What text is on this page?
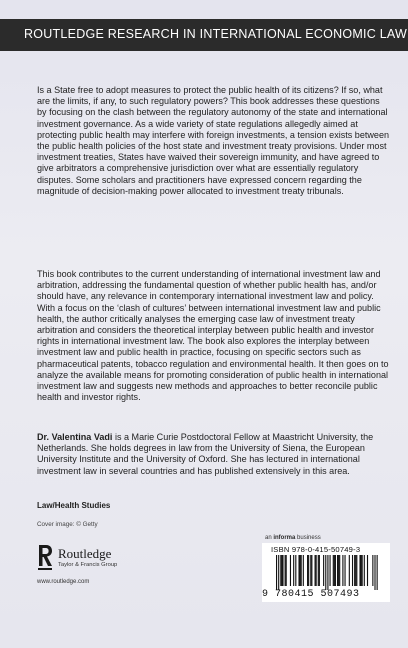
ROUTLEDGE RESEARCH IN INTERNATIONAL ECONOMIC LAW

Is a State free to adopt measures to protect the public health of its citizens? If so, what are the limits, if any, to such regulatory powers? This book addresses these questions by focusing on the clash between the regulatory autonomy of the state and international investment governance. As a wide variety of state regulations allegedly aimed at protecting public health may interfere with foreign investments, a tension exists between the public health policies of the host state and investment treaty provisions. Under most investment treaties, States have waived their sovereign immunity, and have agreed to give arbitrators a comprehensive jurisdiction over what are essentially regulatory disputes. Some scholars and practitioners have expressed concern regarding the magnitude of decision-making power allocated to investment treaty tribunals.

This book contributes to the current understanding of international investment law and arbitration, addressing the fundamental question of whether public health has, and/or should have, any relevance in contemporary international investment law and policy. With a focus on the ‘clash of cultures’ between international investment law and public health, the author critically analyses the emerging case law of investment treaty arbitration and considers the theoretical interplay between public health and investor rights in international investment law. The book also explores the interplay between investment law and public health in practice, focusing on specific sectors such as pharmaceutical patents, tobacco regulation and environmental health. It then goes on to analyze the available means for promoting consideration of public health in international investment law and suggests new methods and approaches to better reconcile public health and investor rights.

Dr. Valentina Vadi is a Marie Curie Postdoctoral Fellow at Maastricht University, the Netherlands. She holds degrees in law from the University of Siena, the European University Institute and the University of Oxford. She has lectured in international investment law in several countries and has published extensively in this area.

Law/Health Studies
Cover image: © Getty
Routledge
Taylor & Francis Group
www.routledge.com
an informa business
ISBN 978-0-415-50749-3
9 780415 507493
